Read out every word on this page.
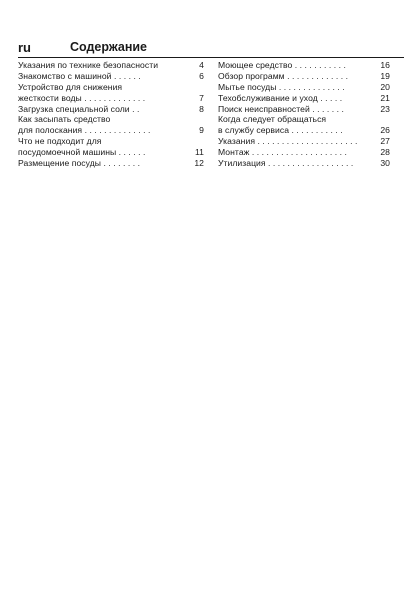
ru	Содержание
Указания по технике безопасности	4
Знакомство с машиной . . . . . .	6
Устройство для снижения
жесткости воды . . . . . . . . . . . . .	7
Загрузка специальной соли . .	8
Как засыпать средство
для полоскания . . . . . . . . . . . . . .	9
Что не подходит для
посудомоечной машины . . . . . .	11
Размещение посуды . . . . . . . .	12
Моющее средство . . . . . . . . . . .	16
Обзор программ . . . . . . . . . . . . .	19
Мытье посуды . . . . . . . . . . . . . .	20
Техобслуживание и уход . . . . .	21
Поиск неисправностей . . . . . . .	23
Когда следует обращаться
в службу сервиса . . . . . . . . . . .	26
Указания . . . . . . . . . . . . . . . . . . . . .	27
Монтаж . . . . . . . . . . . . . . . . . . . .	28
Утилизация . . . . . . . . . . . . . . . . . .	30
